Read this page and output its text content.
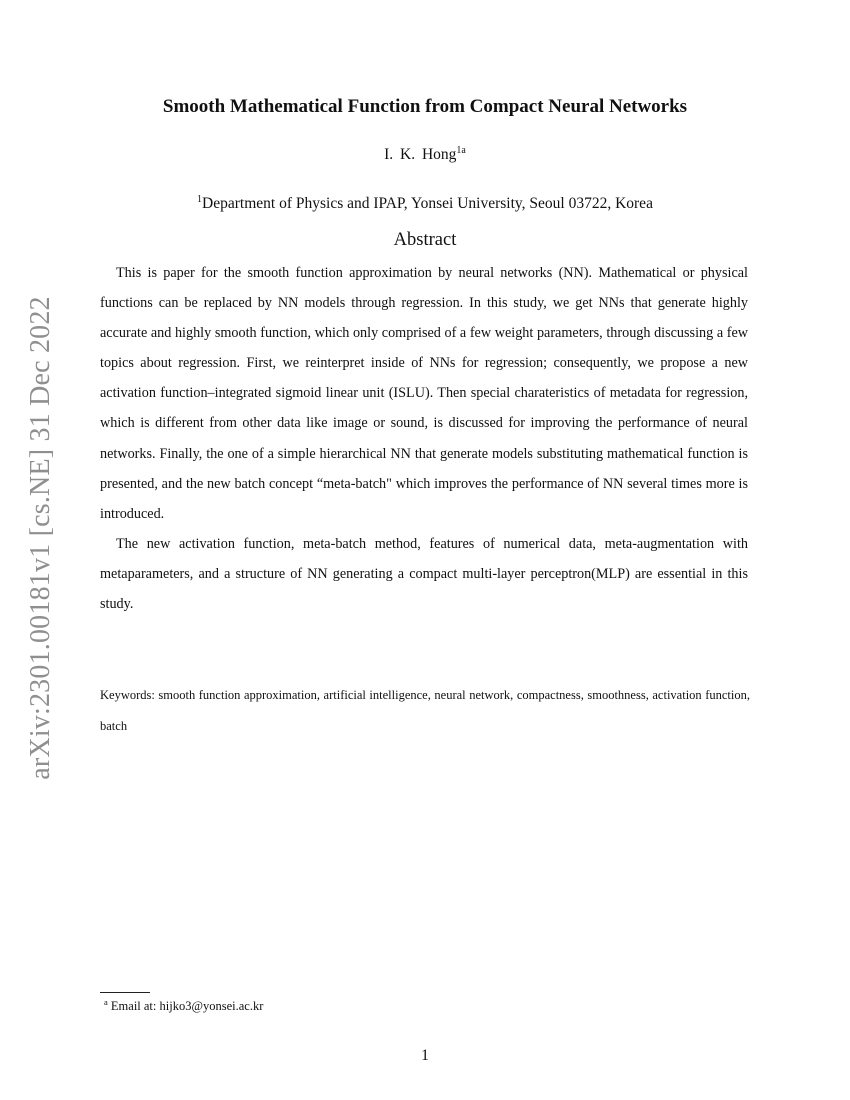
arXiv:2301.00181v1 [cs.NE] 31 Dec 2022
Smooth Mathematical Function from Compact Neural Networks
I. K. Hong$^{1a}$
$^1$Department of Physics and IPAP, Yonsei University, Seoul 03722, Korea
Abstract

This is paper for the smooth function approximation by neural networks (NN). Mathematical or physical functions can be replaced by NN models through regression. In this study, we get NNs that generate highly accurate and highly smooth function, which only comprised of a few weight parameters, through discussing a few topics about regression. First, we reinterpret inside of NNs for regression; consequently, we propose a new activation function–integrated sigmoid linear unit (ISLU). Then special charateristics of metadata for regression, which is different from other data like image or sound, is discussed for improving the performance of neural networks. Finally, the one of a simple hierarchical NN that generate models substituting mathematical function is presented, and the new batch concept “meta-batch" which improves the performance of NN several times more is introduced.

The new activation function, meta-batch method, features of numerical data, meta-augmentation with metaparameters, and a structure of NN generating a compact multi-layer perceptron(MLP) are essential in this study.

Keywords: smooth function approximation, artificial intelligence, neural network, compactness, smoothness, activation function, batch
$^a$ Email at: hijko3@yonsei.ac.kr
1
